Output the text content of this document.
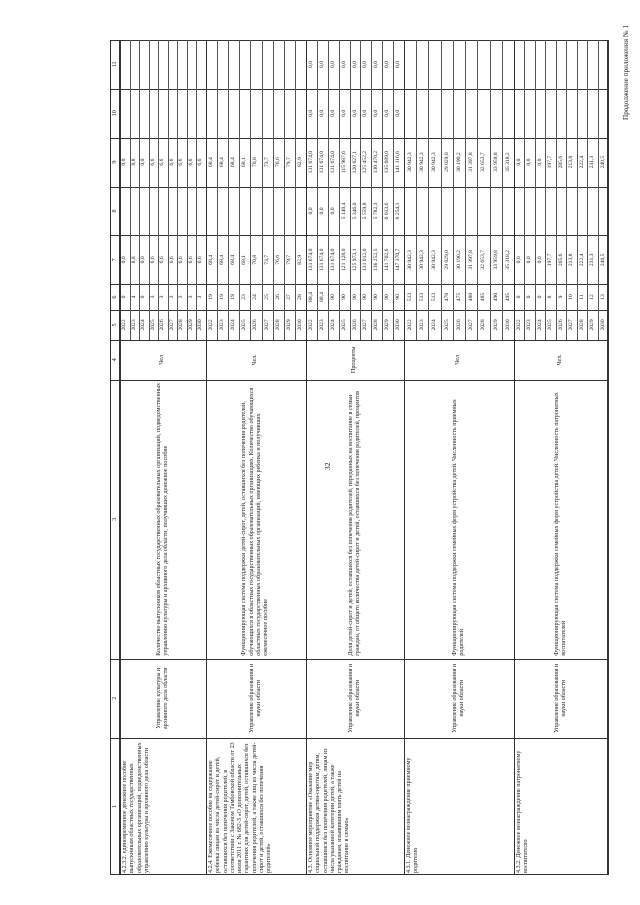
Продолжение приложения № 1
32
1
2
3
4
5
6
7
8
9
10
11
4.2.3.2. единовременное денежное пособие выпускникам областных государственных образовательных организаций, подведомственных управлению культуры и архивного дела области
Управление культуры и архивного дела области
Количество выпускников областных государственных образовательных организаций, подведомственных управлению культуры и архивного дела области, получивших денежное пособие
Чел
2022
0
0,0
0,0
2023
4
8,8
8,8
2024
0
0,0
0,0
2025
3
6,6
6,6
2026
3
6,6
6,6
2027
3
6,6
6,6
2028
3
6,6
6,6
2029
3
6,6
6,6
2030
3
6,6
6,6
4.2.4. Ежемесячное пособие на содержание ребенка лицам из числа детей-сирот и детей, оставшихся без попечения родителей, в соответствии с Законом Тамбовской области от 23 июля 2011 г. № 682-З «О дополнительных гарантиях для детей-сирот, детей, оставшихся без попечения родителей, а также лиц из числа детей-сирот и детей, оставшихся без попечения родителей»
Управление образования и науки области
Функционирующая система поддержки детей-сирот, детей, оставшихся без попечения родителей, обучающихся в областных государственных образовательных организациях. Количество обучающихся областных государственных образовательных организаций, имеющих ребенка и получивших ежемесячное пособие
Чел.
2022
19
68,4
68,4
2023
19
68,4
68,4
2024
19
68,4
68,4
2025
23
68,1
68,1
2026
24
70,8
70,8
2027
25
73,7
73,7
2028
26
76,6
76,6
2029
27
79,7
79,7
2030
28
82,9
82,9
4.3. Основное мероприятие «Оказание мер социальной поддержки детям-сиротам, детям, оставшимся без попечения родителей, лицам из числа указанной категории детей, а также гражданам, изъявившим взять детей на воспитание в семью»
Управление образования и науки области
Доля детей-сирот и детей, оставшихся без попечения родителей, переданных на воспитание в семьи граждан, от общего количества детей-сирот и детей, оставшихся без попечения родителей, процентов
Проценты
2022
88,4
131 674,0
0,0
131 674,0
0,0
0,0
2023
88,4
131 674,0
0,0
131 674,0
0,0
0,0
2024
90
131 674,0
0,0
131 674,0
0,0
0,0
2025
90
121 128,0
5 140,4
115 987,6
0,0
0,0
2026
90
125 973,1
5 346,0
120 627,1
0,0
0,0
2027
90
131 012,0
5 559,8
125 452,2
0,0
0,0
2028
90
136 252,5
5 782,3
130 470,2
0,0
0,0
2029
90
141 702,6
6 013,6
135 689,0
0,0
0,0
2030
90
147 370,7
6 254,1
141 116,6
0,0
0,0
4.3.1. Денежное вознаграждение приемному родителю
Управление образования и науки области
Функционирующая система поддержки семейных форм устройства детей. Численность приемных родителей
Чел
2022
513
30 942,3
30 942,3
2023
513
30 942,3
30 942,3
2024
513
30 942,3
30 942,3
2025
470
29 029,0
29 029,0
2026
475
30 190,2
30 190,2
2027
480
31 397,8
31 397,8
2028
485
32 653,7
32 653,7
2029
490
33 959,8
33 959,8
2030
495
35 318,2
35 318,2
4.3.2. Денежное вознаграждение патронатному воспитателю
Управление образования и науки области
Функционирующая система поддержки семейных форм устройства детей. Численность патронатных воспитателей
Чел.
2022
0
0,0
0,0
2023
0
0,0
0,0
2024
0
0,0
0,0
2025
8
197,7
197,7
2026
9
205,6
205,6
2027
10
213,8
213,8
2028
11
222,4
222,4
2029
12
231,3
231,3
2030
13
240,5
240,5
